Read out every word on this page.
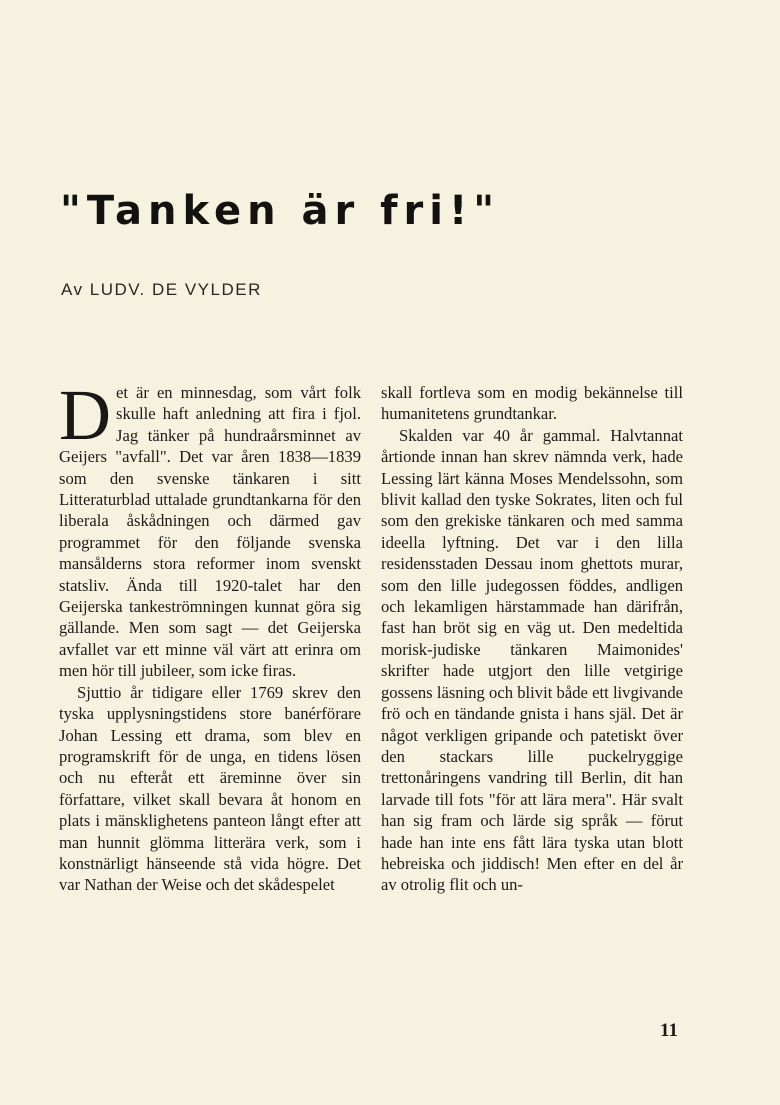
"Tanken är fri!"
Av LUDV. DE VYLDER

Det är en minnesdag, som vårt folk skulle haft anledning att fira i fjol. Jag tänker på hundraårsminnet av Geijers "avfall". Det var åren 1838—1839 som den svenske tänkaren i sitt Litteraturblad uttalade grundtankarna för den liberala åskådningen och därmed gav programmet för den följande svenska mansålderns stora reformer inom svenskt statsliv. Ända till 1920-talet har den Geijerska tankeströmningen kunnat göra sig gällande. Men som sagt — det Geijerska avfallet var ett minne väl värt att erinra om men hör till jubileer, som icke firas.

Sjuttio år tidigare eller 1769 skrev den tyska upplysningstidens store banérförare Johan Lessing ett drama, som blev en programskrift för de unga, en tidens lösen och nu efteråt ett äreminne över sin författare, vilket skall bevara åt honom en plats i mänsklighetens panteon långt efter att man hunnit glömma litterära verk, som i konstnärligt hänseende stå vida högre. Det var Nathan der Weise och det skådespelet

skall fortleva som en modig bekännelse till humanitetens grundtankar.

Skalden var 40 år gammal. Halvtannat årtionde innan han skrev nämnda verk, hade Lessing lärt känna Moses Mendelssohn, som blivit kallad den tyske Sokrates, liten och ful som den grekiske tänkaren och med samma ideella lyftning. Det var i den lilla residensstaden Dessau inom ghettots murar, som den lille judegossen föddes, andligen och lekamligen härstammade han därifrån, fast han bröt sig en väg ut. Den medeltida morisk-judiske tänkaren Maimonides' skrifter hade utgjort den lille vetgirige gossens läsning och blivit både ett livgivande frö och en tändande gnista i hans själ. Det är något verkligen gripande och patetiskt över den stackars lille puckelryggige trettonåringens vandring till Berlin, dit han larvade till fots "för att lära mera". Här svalt han sig fram och lärde sig språk — förut hade han inte ens fått lära tyska utan blott hebreiska och jiddisch! Men efter en del år av otrolig flit och un-

11
